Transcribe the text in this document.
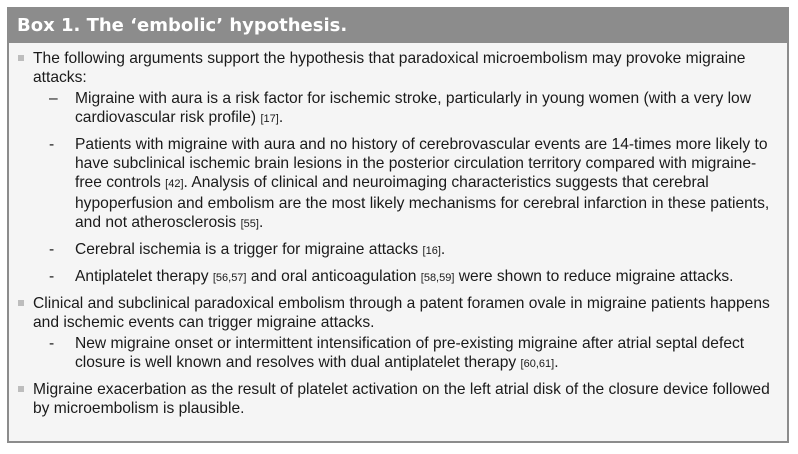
Box 1. The ‘embolic’ hypothesis.
The following arguments support the hypothesis that paradoxical microembolism may provoke migraine attacks:
– Migraine with aura is a risk factor for ischemic stroke, particularly in young women (with a very low cardiovascular risk profile) [17].
- Patients with migraine with aura and no history of cerebrovascular events are 14-times more likely to have subclinical ischemic brain lesions in the posterior circulation territory compared with migraine-free controls [42]. Analysis of clinical and neuroimaging characteristics suggests that cerebral hypoperfusion and embolism are the most likely mechanisms for cerebral infarction in these patients, and not atherosclerosis [55].
- Cerebral ischemia is a trigger for migraine attacks [16].
- Antiplatelet therapy [56,57] and oral anticoagulation [58,59] were shown to reduce migraine attacks.
Clinical and subclinical paradoxical embolism through a patent foramen ovale in migraine patients happens and ischemic events can trigger migraine attacks.
- New migraine onset or intermittent intensification of pre-existing migraine after atrial septal defect closure is well known and resolves with dual antiplatelet therapy [60,61].
Migraine exacerbation as the result of platelet activation on the left atrial disk of the closure device followed by microembolism is plausible.
